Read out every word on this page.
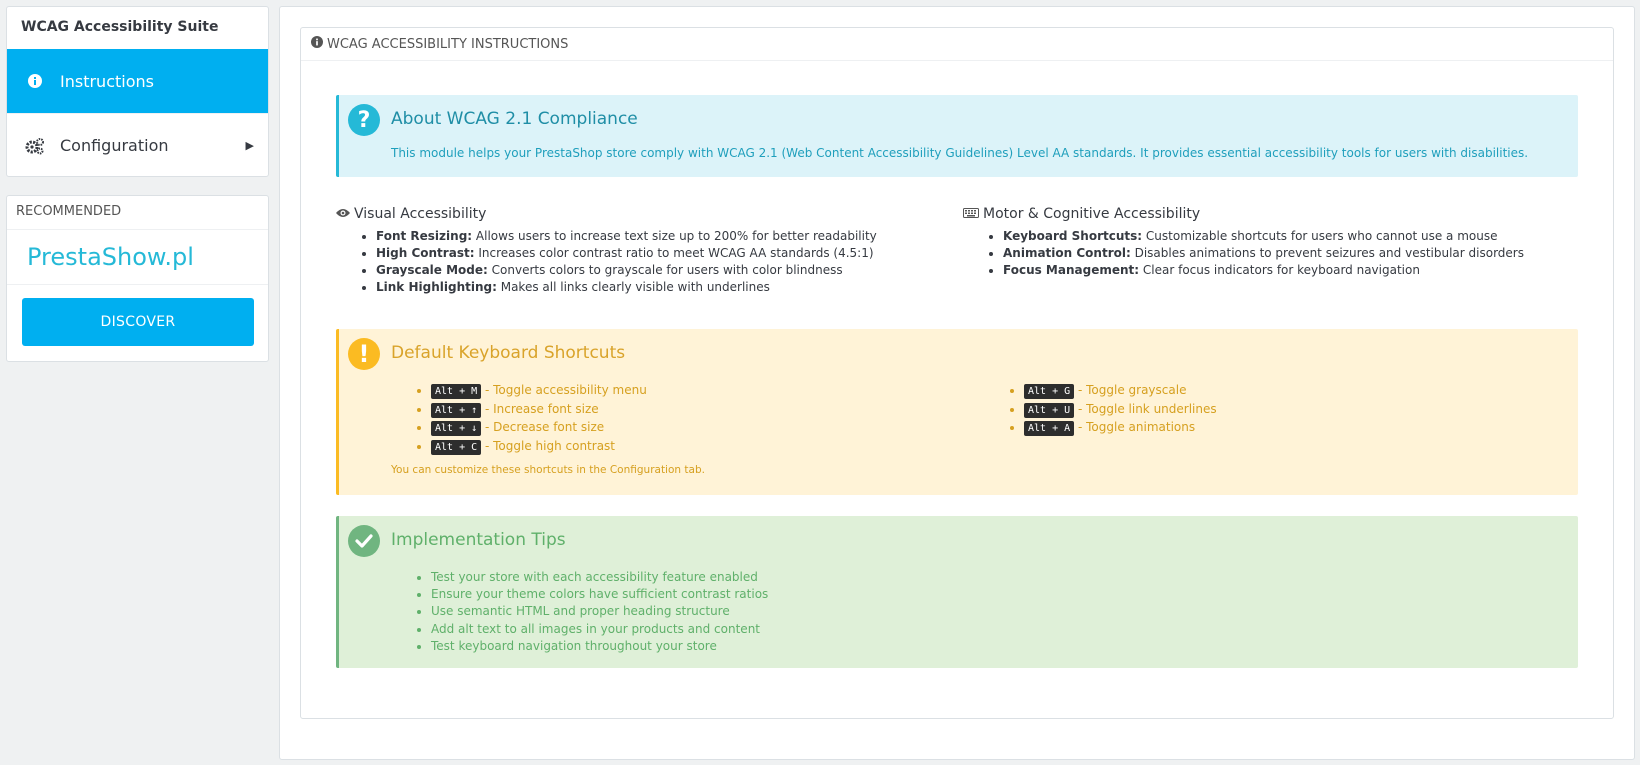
WCAG Accessibility Suite
Instructions
Configuration	▶
RECOMMENDED
PrestaShow.pl
DISCOVER
WCAG ACCESSIBILITY INSTRUCTIONS
?	About WCAG 2.1 Compliance

This module helps your PrestaShop store comply with WCAG 2.1 (Web Content Accessibility Guidelines) Level AA standards. It provides essential accessibility tools for users with disabilities.

Visual Accessibility
• Font Resizing: Allows users to increase text size up to 200% for better readability
• High Contrast: Increases color contrast ratio to meet WCAG AA standards (4.5:1)
• Grayscale Mode: Converts colors to grayscale for users with color blindness
• Link Highlighting: Makes all links clearly visible with underlines
Motor & Cognitive Accessibility
• Keyboard Shortcuts: Customizable shortcuts for users who cannot use a mouse
• Animation Control: Disables animations to prevent seizures and vestibular disorders
• Focus Management: Clear focus indicators for keyboard navigation
!	Default Keyboard Shortcuts
• Alt + M - Toggle accessibility menu
• Alt + ↑ - Increase font size
• Alt + ↓ - Decrease font size
• Alt + C - Toggle high contrast
• Alt + G - Toggle grayscale
• Alt + U - Toggle link underlines
• Alt + A - Toggle animations
You can customize these shortcuts in the Configuration tab.
Implementation Tips
• Test your store with each accessibility feature enabled
• Ensure your theme colors have sufficient contrast ratios
• Use semantic HTML and proper heading structure
• Add alt text to all images in your products and content
• Test keyboard navigation throughout your store
